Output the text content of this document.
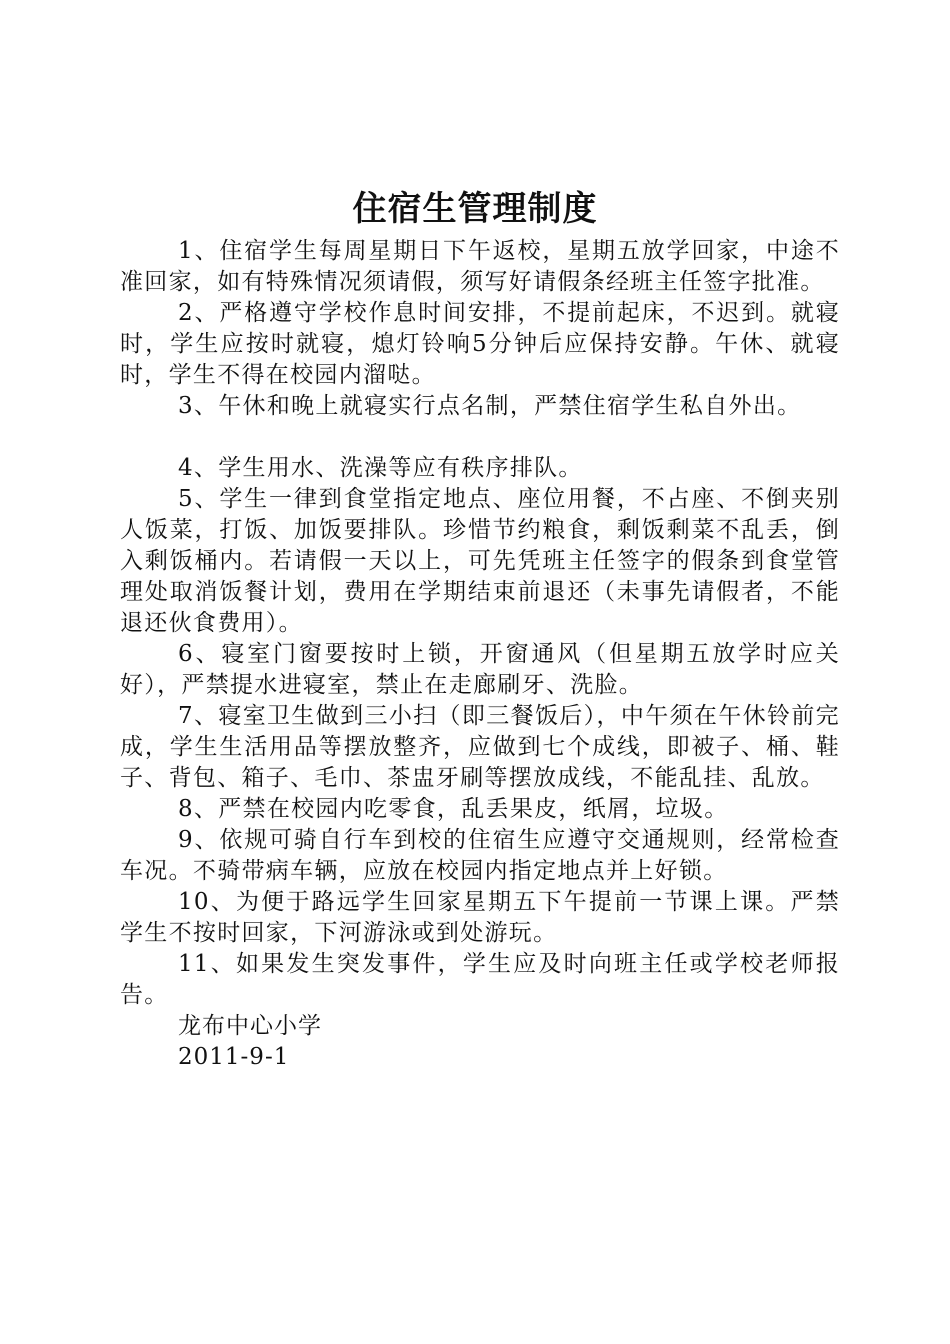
住宿生管理制度

1、住宿学生每周星期日下午返校，星期五放学回家，中途不准回家，如有特殊情况须请假，须写好请假条经班主任签字批准。

2、严格遵守学校作息时间安排，不提前起床，不迟到。就寝时，学生应按时就寝，熄灯铃响5分钟后应保持安静。午休、就寝时，学生不得在校园内溜哒。

3、午休和晚上就寝实行点名制，严禁住宿学生私自外出。

4、学生用水、洗澡等应有秩序排队。

5、学生一律到食堂指定地点、座位用餐，不占座、不倒夹别人饭菜，打饭、加饭要排队。珍惜节约粮食，剩饭剩菜不乱丢，倒入剩饭桶内。若请假一天以上，可先凭班主任签字的假条到食堂管理处取消饭餐计划，费用在学期结束前退还（未事先请假者，不能退还伙食费用）。

6、寝室门窗要按时上锁，开窗通风（但星期五放学时应关好），严禁提水进寝室，禁止在走廊刷牙、洗脸。

7、寝室卫生做到三小扫（即三餐饭后），中午须在午休铃前完成，学生生活用品等摆放整齐，应做到七个成线，即被子、桶、鞋子、背包、箱子、毛巾、茶盅牙刷等摆放成线，不能乱挂、乱放。

8、严禁在校园内吃零食，乱丢果皮，纸屑，垃圾。

9、依规可骑自行车到校的住宿生应遵守交通规则，经常检查车况。不骑带病车辆，应放在校园内指定地点并上好锁。

10、为便于路远学生回家星期五下午提前一节课上课。严禁学生不按时回家，下河游泳或到处游玩。

11、如果发生突发事件，学生应及时向班主任或学校老师报告。

龙布中心小学

2011-9-1
